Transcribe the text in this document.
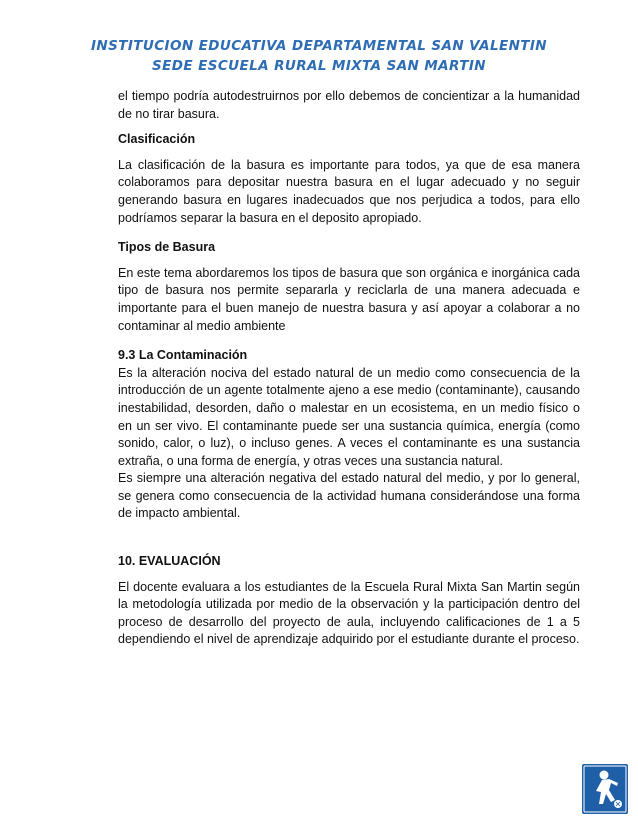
INSTITUCION EDUCATIVA DEPARTAMENTAL SAN VALENTIN
SEDE ESCUELA RURAL MIXTA SAN MARTIN

el tiempo podría autodestruirnos por ello debemos de concientizar a la humanidad de no tirar basura.

Clasificación

La clasificación de la basura es importante para todos, ya que de esa manera colaboramos para depositar nuestra basura en el lugar adecuado y no seguir generando basura en lugares inadecuados que nos perjudica a todos, para ello podríamos separar la basura en el deposito apropiado.

Tipos de Basura

En este tema abordaremos los tipos de basura que son orgánica e inorgánica cada tipo de basura nos permite separarla y reciclarla de una manera adecuada e importante para el buen manejo de nuestra basura y así apoyar a colaborar a no contaminar al medio ambiente

9.3 La Contaminación

Es la alteración nociva del estado natural de un medio como consecuencia de la introducción de un agente totalmente ajeno a ese medio (contaminante), causando inestabilidad, desorden, daño o malestar en un ecosistema, en un medio físico o en un ser vivo. El contaminante puede ser una sustancia química, energía (como sonido, calor, o luz), o incluso genes. A veces el contaminante es una sustancia extraña, o una forma de energía, y otras veces una sustancia natural.

Es siempre una alteración negativa del estado natural del medio, y por lo general, se genera como consecuencia de la actividad humana considerándose una forma de impacto ambiental.

10. EVALUACIÓN

El docente evaluara a los estudiantes de la Escuela Rural Mixta San Martin según la metodología utilizada por medio de la observación y la participación dentro del proceso de desarrollo del proyecto de aula, incluyendo calificaciones de 1 a 5 dependiendo el nivel de aprendizaje adquirido por el estudiante durante el proceso.
